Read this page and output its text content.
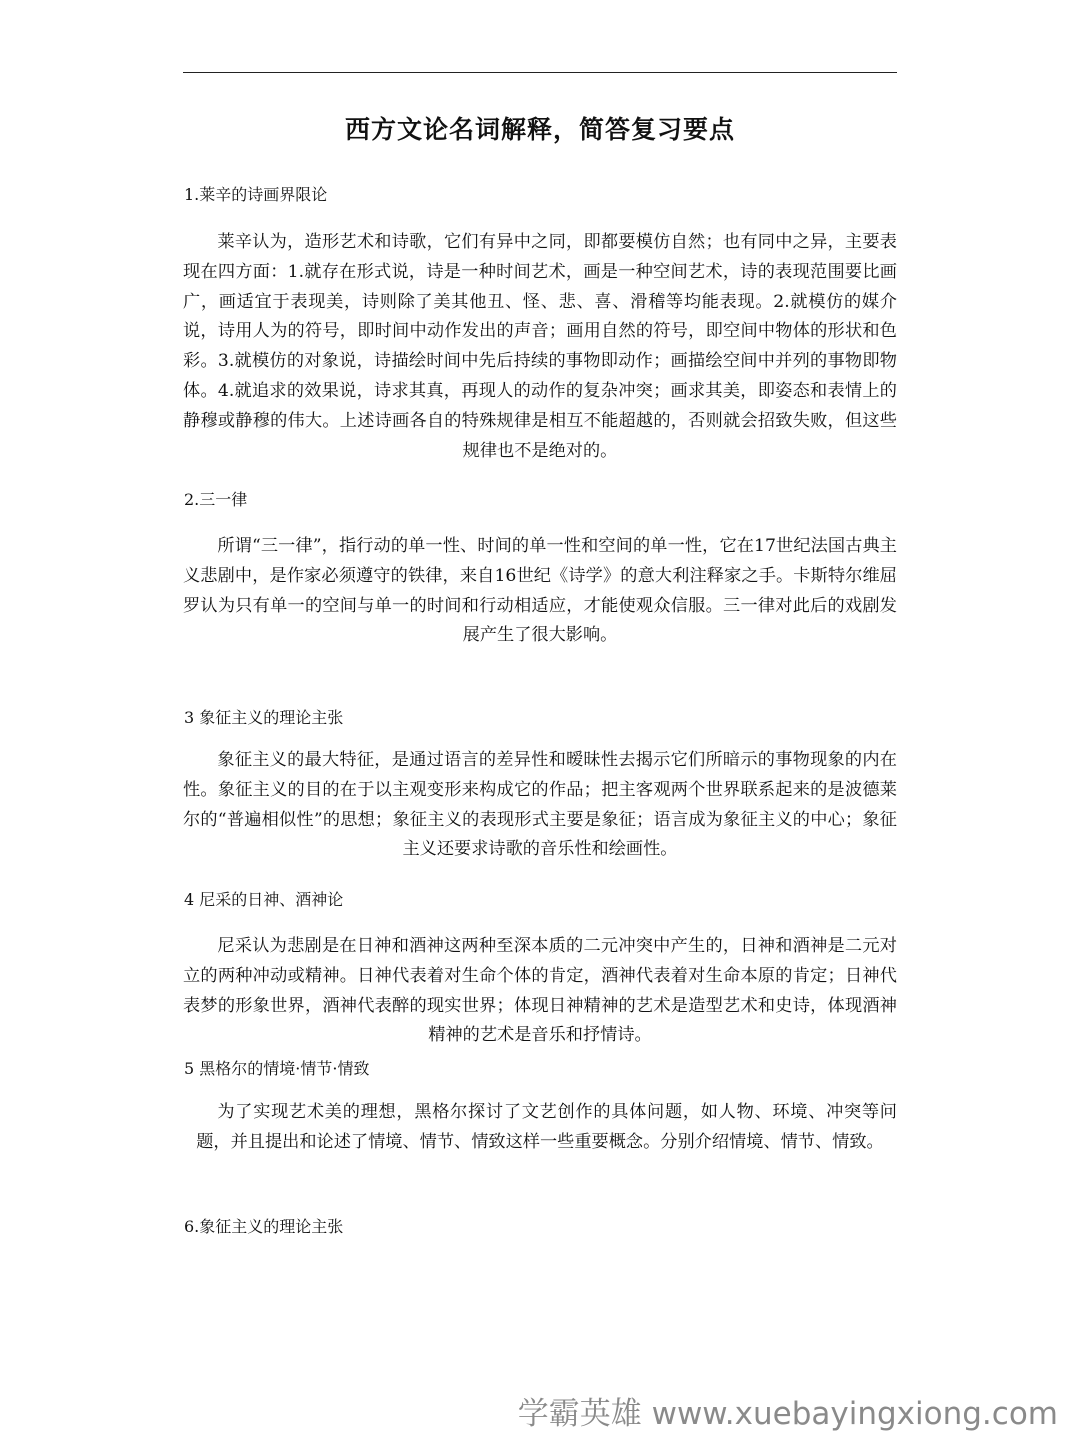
西方文论名词解释，简答复习要点
1.莱辛的诗画界限论

莱辛认为，造形艺术和诗歌，它们有异中之同，即都要模仿自然；也有同中之异，主要表现在四方面：1.就存在形式说，诗是一种时间艺术，画是一种空间艺术，诗的表现范围要比画广，画适宜于表现美，诗则除了美其他丑、怪、悲、喜、滑稽等均能表现。2.就模仿的媒介说，诗用人为的符号，即时间中动作发出的声音；画用自然的符号，即空间中物体的形状和色彩。3.就模仿的对象说，诗描绘时间中先后持续的事物即动作；画描绘空间中并列的事物即物体。4.就追求的效果说，诗求其真，再现人的动作的复杂冲突；画求其美，即姿态和表情上的静穆或静穆的伟大。上述诗画各自的特殊规律是相互不能超越的，否则就会招致失败，但这些规律也不是绝对的。

2.三一律

所谓“三一律”，指行动的单一性、时间的单一性和空间的单一性，它在17世纪法国古典主义悲剧中，是作家必须遵守的铁律，来自16世纪《诗学》的意大利注释家之手。卡斯特尔维屈罗认为只有单一的空间与单一的时间和行动相适应，才能使观众信服。三一律对此后的戏剧发展产生了很大影响。

3 象征主义的理论主张

象征主义的最大特征，是通过语言的差异性和暧昧性去揭示它们所暗示的事物现象的内在性。象征主义的目的在于以主观变形来构成它的作品；把主客观两个世界联系起来的是波德莱尔的“普遍相似性”的思想；象征主义的表现形式主要是象征；语言成为象征主义的中心；象征主义还要求诗歌的音乐性和绘画性。

4 尼采的日神、酒神论

尼采认为悲剧是在日神和酒神这两种至深本质的二元冲突中产生的，日神和酒神是二元对立的两种冲动或精神。日神代表着对生命个体的肯定，酒神代表着对生命本原的肯定；日神代表梦的形象世界，酒神代表醉的现实世界；体现日神精神的艺术是造型艺术和史诗，体现酒神精神的艺术是音乐和抒情诗。

5 黑格尔的情境·情节·情致

为了实现艺术美的理想，黑格尔探讨了文艺创作的具体问题，如人物、环境、冲突等问题，并且提出和论述了情境、情节、情致这样一些重要概念。分别介绍情境、情节、情致。

6.象征主义的理论主张
学霸英雄 www.xuebayingxiong.com
